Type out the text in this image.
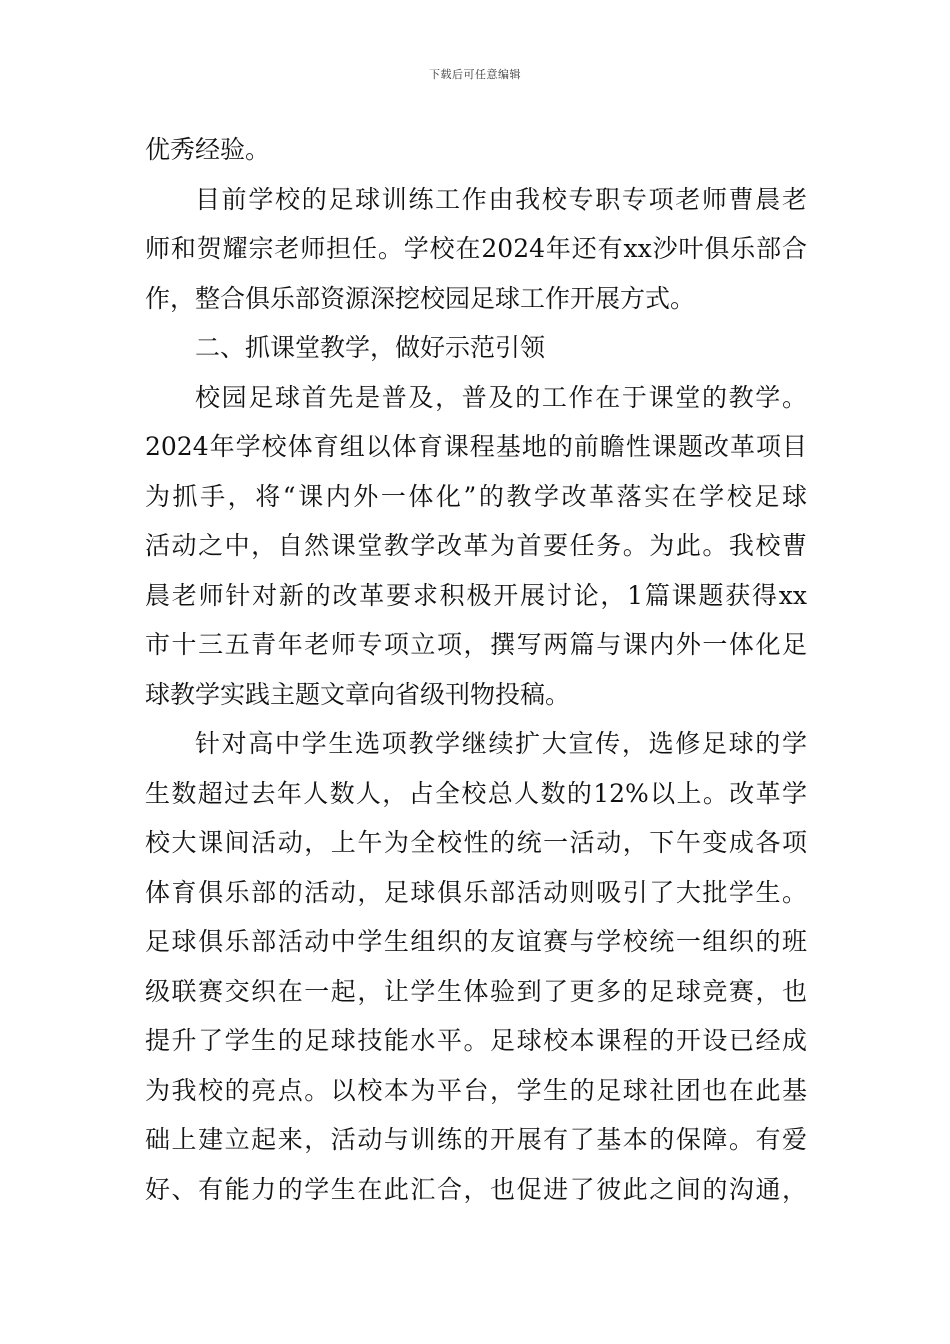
下载后可任意编辑
优秀经验。
目前学校的足球训练工作由我校专职专项老师曹晨老
师和贺耀宗老师担任。学校在2024年还有xx沙叶俱乐部合
作，整合俱乐部资源深挖校园足球工作开展方式。
二、抓课堂教学，做好示范引领
校园足球首先是普及，普及的工作在于课堂的教学。
2024年学校体育组以体育课程基地的前瞻性课题改革项目
为抓手，将“课内外一体化”的教学改革落实在学校足球
活动之中，自然课堂教学改革为首要任务。为此。我校曹
晨老师针对新的改革要求积极开展讨论，1篇课题获得xx
市十三五青年老师专项立项，撰写两篇与课内外一体化足
球教学实践主题文章向省级刊物投稿。
针对高中学生选项教学继续扩大宣传，选修足球的学
生数超过去年人数人，占全校总人数的12%以上。改革学
校大课间活动，上午为全校性的统一活动，下午变成各项
体育俱乐部的活动，足球俱乐部活动则吸引了大批学生。
足球俱乐部活动中学生组织的友谊赛与学校统一组织的班
级联赛交织在一起，让学生体验到了更多的足球竞赛，也
提升了学生的足球技能水平。足球校本课程的开设已经成
为我校的亮点。以校本为平台，学生的足球社团也在此基
础上建立起来，活动与训练的开展有了基本的保障。有爱
好、有能力的学生在此汇合，也促进了彼此之间的沟通，
